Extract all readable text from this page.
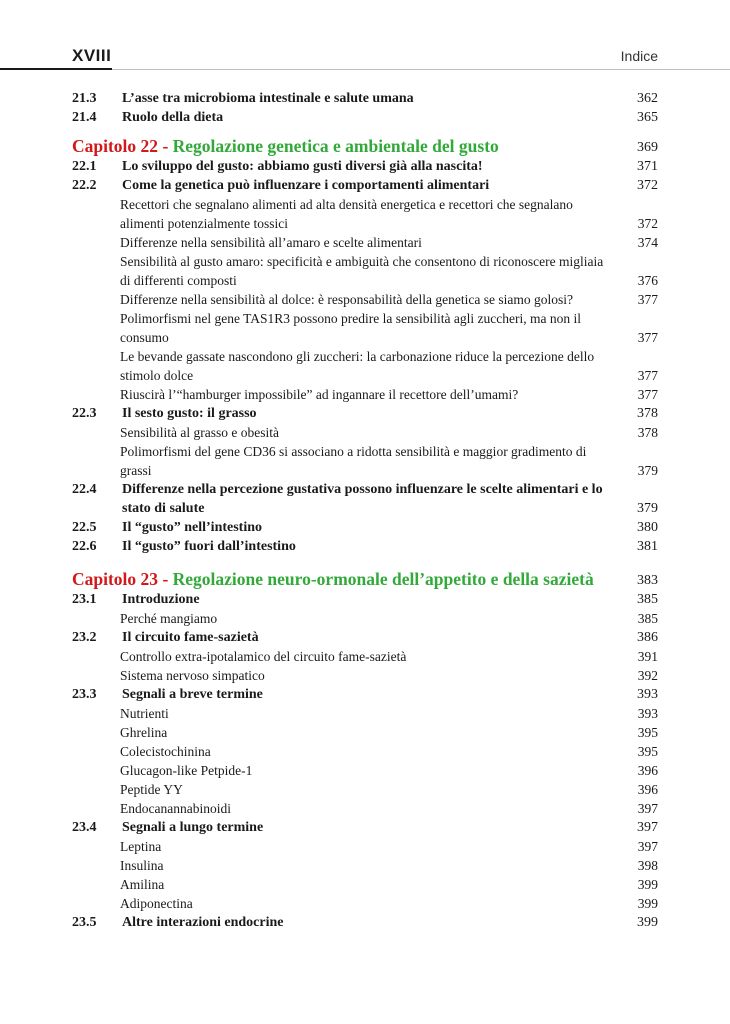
XVIII	Indice
21.3	L’asse tra microbioma intestinale e salute umana	362
21.4	Ruolo della dieta	365
Capitolo 22 - Regolazione genetica e ambientale del gusto	369
22.1	Lo sviluppo del gusto: abbiamo gusti diversi già alla nascita!	371
22.2	Come la genetica può influenzare i comportamenti alimentari	372
Recettori che segnalano alimenti ad alta densità energetica e recettori che segnalano alimenti potenzialmente tossici	372
Differenze nella sensibilità all’amaro e scelte alimentari	374
Sensibilità al gusto amaro: specificità e ambiguità che consentono di riconoscere migliaia di differenti composti	376
Differenze nella sensibilità al dolce: è responsabilità della genetica se siamo golosi?	377
Polimorfismi nel gene TAS1R3 possono predire la sensibilità agli zuccheri, ma non il consumo	377
Le bevande gassate nascondono gli zuccheri: la carbonazione riduce la percezione dello stimolo dolce	377
Riuscirà l’“hamburger impossibile” ad ingannare il recettore dell’umami?	377
22.3	Il sesto gusto: il grasso	378
Sensibilità al grasso e obesità	378
Polimorfismi del gene CD36 si associano a ridotta sensibilità e maggior gradimento di grassi	379
22.4	Differenze nella percezione gustativa possono influenzare le scelte alimentari e lo stato di salute	379
22.5	Il “gusto” nell’intestino	380
22.6	Il “gusto” fuori dall’intestino	381
Capitolo 23 - Regolazione neuro-ormonale dell’appetito e della sazietà	383
23.1	Introduzione	385
Perché mangiamo	385
23.2	Il circuito fame-sazietà	386
Controllo extra-ipotalamico del circuito fame-sazietà	391
Sistema nervoso simpatico	392
23.3	Segnali a breve termine	393
Nutrienti	393
Ghrelina	395
Colecistochinina	395
Glucagon-like Petpide-1	396
Peptide YY	396
Endocanannabinoidi	397
23.4	Segnali a lungo termine	397
Leptina	397
Insulina	398
Amilina	399
Adiponectina	399
23.5	Altre interazioni endocrine	399
